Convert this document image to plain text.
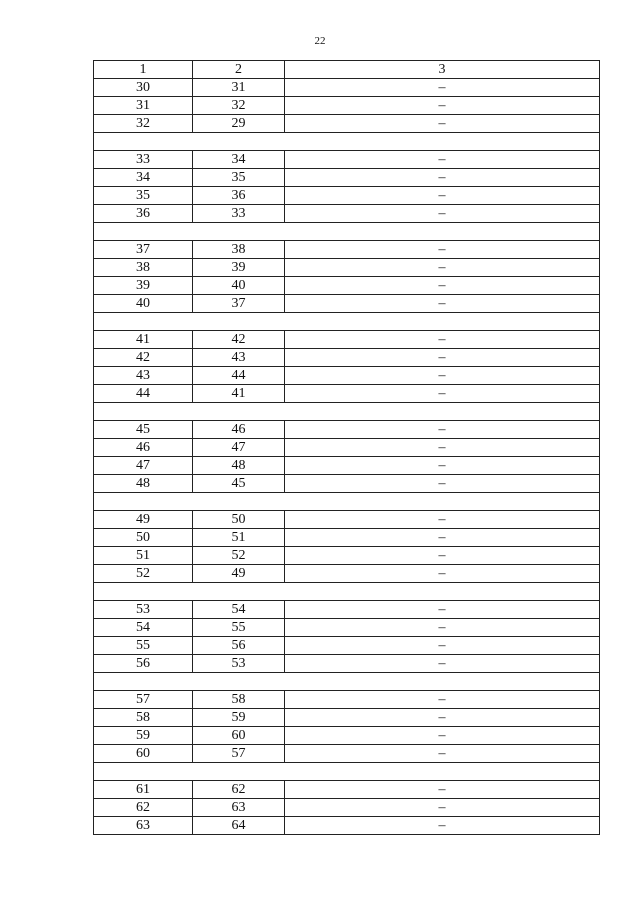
22
1	2	3
30	31	–
31	32	–
32	29	–

33	34	–
34	35	–
35	36	–
36	33	–

37	38	–
38	39	–
39	40	–
40	37	–

41	42	–
42	43	–
43	44	–
44	41	–

45	46	–
46	47	–
47	48	–
48	45	–

49	50	–
50	51	–
51	52	–
52	49	–

53	54	–
54	55	–
55	56	–
56	53	–

57	58	–
58	59	–
59	60	–
60	57	–

61	62	–
62	63	–
63	64	–
